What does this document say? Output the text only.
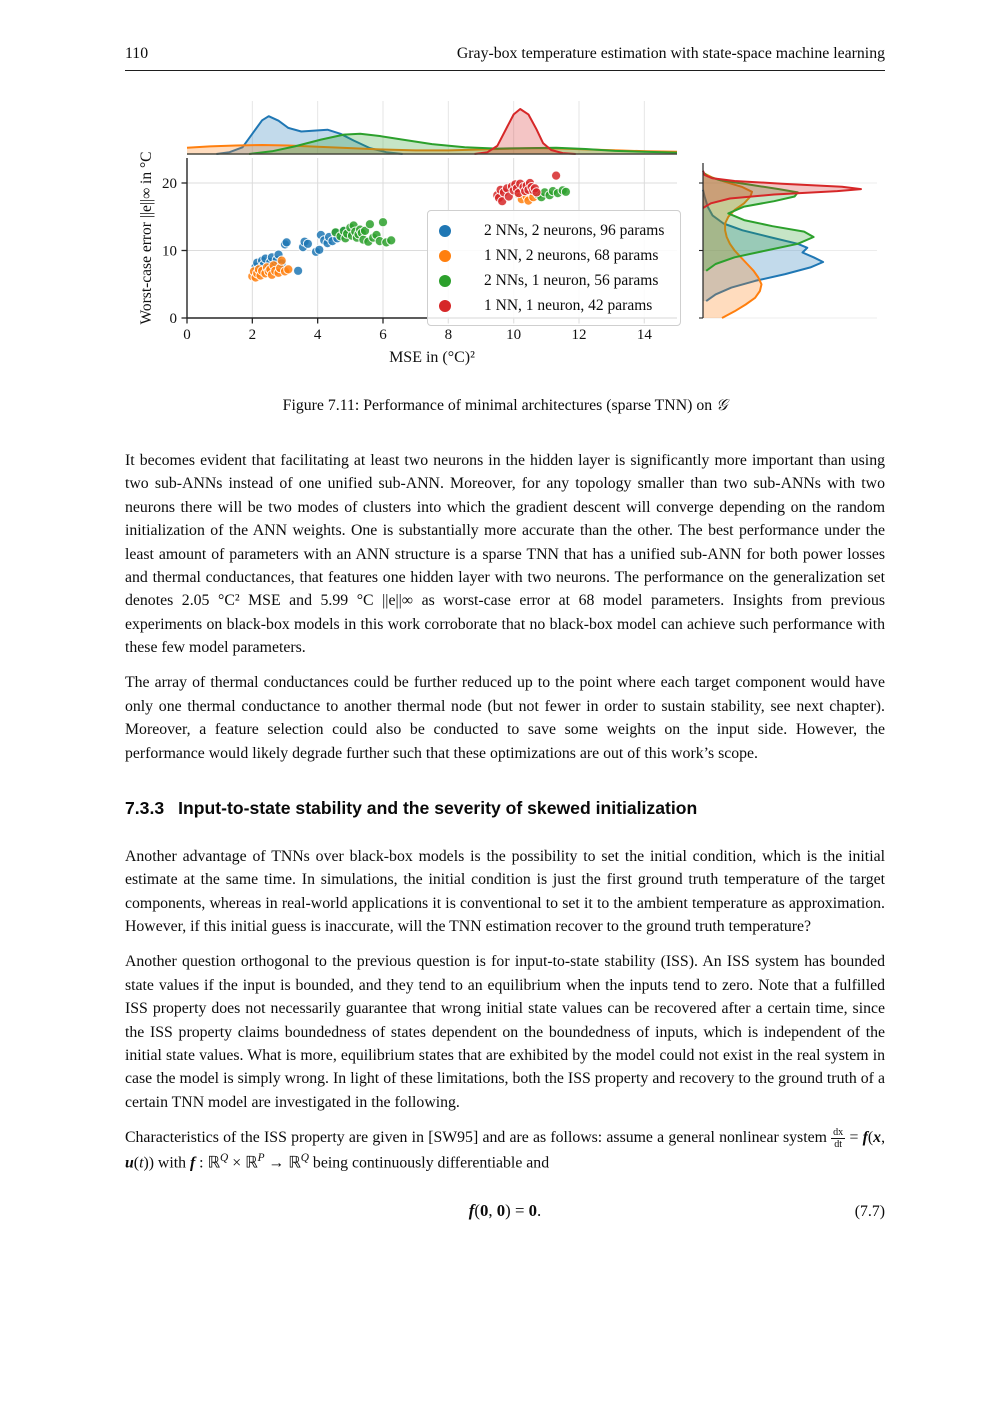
110	Gray-box temperature estimation with state-space machine learning
0	2	4	6	8	10	12	14
0
10
20
MSE in (°C)²
Worst-case error ||e||∞ in °C	2 NNs, 2 neurons, 96 params
1 NN, 2 neurons, 68 params
2 NNs, 1 neuron, 56 params
1 NN, 1 neuron, 42 params
Figure 7.11: Performance of minimal architectures (sparse TNN) on 𝒢

It becomes evident that facilitating at least two neurons in the hidden layer is significantly more important than using two sub-ANNs instead of one unified sub-ANN. Moreover, for any topology smaller than two sub-ANNs with two neurons there will be two modes of clusters into which the gradient descent will converge depending on the random initialization of the ANN weights. One is substantially more accurate than the other. The best performance under the least amount of parameters with an ANN structure is a sparse TNN that has a unified sub-ANN for both power losses and thermal conductances, that features one hidden layer with two neurons. The performance on the generalization set denotes 2.05 °C² MSE and 5.99 °C ||e||∞ as worst-case error at 68 model parameters. Insights from previous experiments on black-box models in this work corroborate that no black-box model can achieve such performance with these few model parameters.

The array of thermal conductances could be further reduced up to the point where each target component would have only one thermal conductance to another thermal node (but not fewer in order to sustain stability, see next chapter). Moreover, a feature selection could also be conducted to save some weights on the input side. However, the performance would likely degrade further such that these optimizations are out of this work’s scope.

7.3.3 Input-to-state stability and the severity of skewed initialization

Another advantage of TNNs over black-box models is the possibility to set the initial condition, which is the initial estimate at the same time. In simulations, the initial condition is just the first ground truth temperature of the target components, whereas in real-world applications it is conventional to set it to the ambient temperature as approximation. However, if this initial guess is inaccurate, will the TNN estimation recover to the ground truth temperature?

Another question orthogonal to the previous question is for input-to-state stability (ISS). An ISS system has bounded state values if the input is bounded, and they tend to an equilibrium when the inputs tend to zero. Note that a fulfilled ISS property does not necessarily guarantee that wrong initial state values can be recovered after a certain time, since the ISS property claims boundedness of states dependent on the boundedness of inputs, which is independent of the initial state values. What is more, equilibrium states that are exhibited by the model could not exist in the real system in case the model is simply wrong. In light of these limitations, both the ISS property and recovery to the ground truth of a certain TNN model are investigated in the following.

Characteristics of the ISS property are given in [SW95] and are as follows: assume a general nonlinear system $\frac{dx}{dt} = f(x$, u(t)) with f : ℝ$^Q$ × ℝ$^P$ → ℝ$^Q$ being continuously differentiable and

f(0, 0) = 0.	(7.7)
